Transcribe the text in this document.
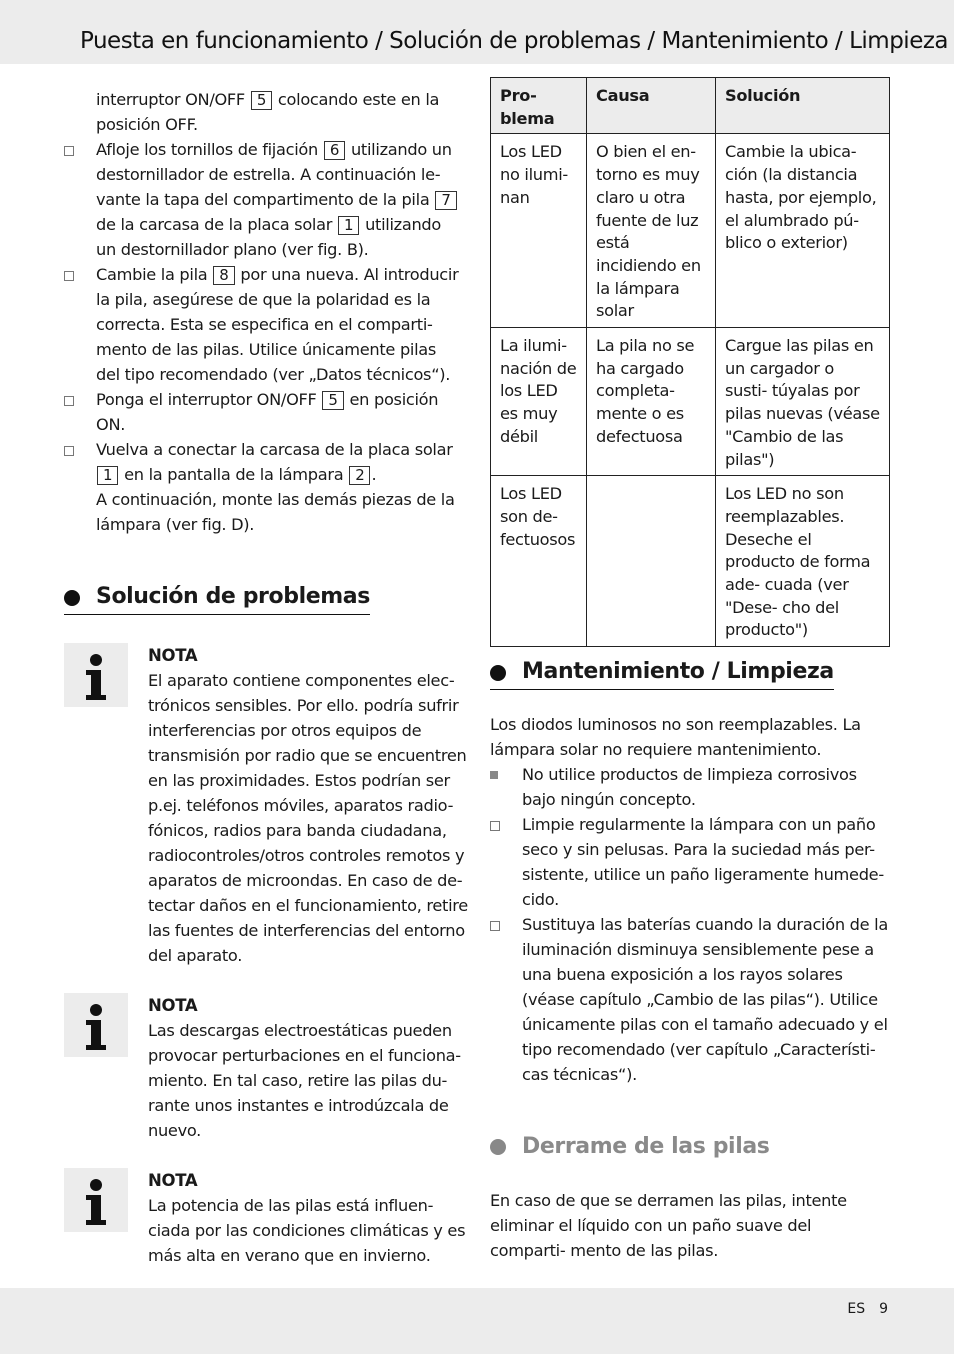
Puesta en funcionamiento / Solución de problemas / Mantenimiento / Limpieza

interruptor ON/OFF 5 colocando este en la posición OFF.

Afloje los tornillos de fijación 6 utilizando un destornillador de estrella. A continuación le- vante la tapa del compartimento de la pila 7 de la carcasa de la placa solar 1 utilizando un destornillador plano (ver fig. B).

Cambie la pila 8 por una nueva. Al introducir la pila, asegúrese de que la polaridad es la correcta. Esta se especifica en el comparti- mento de las pilas. Utilice únicamente pilas del tipo recomendado (ver „Datos técnicos“).

Ponga el interruptor ON/OFF 5 en posición ON.

Vuelva a conectar la carcasa de la placa solar 1 en la pantalla de la lámpara 2 .
A continuación, monte las demás piezas de la lámpara (ver fig. D).

Solución de problemas
NOTA
El aparato contiene componentes elec- trónicos sensibles. Por ello. podría sufrir interferencias por otros equipos de transmisión por radio que se encuentren en las proximidades. Estos podrían ser p.ej. teléfonos móviles, aparatos radio- fónicos, radios para banda ciudadana, radiocontroles/otros controles remotos y aparatos de microondas. En caso de de- tectar daños en el funcionamiento, retire las fuentes de interferencias del entorno del aparato.
NOTA
Las descargas electroestáticas pueden provocar perturbaciones en el funciona- miento. En tal caso, retire las pilas du- rante unos instantes e introdúzcala de nuevo.
NOTA
La potencia de las pilas está influen- ciada por las condiciones climáticas y es más alta en verano que en invierno.
Pro- blema	Causa	Solución
Los LED no ilumi- nan	O bien el en- torno es muy claro u otra fuente de luz está incidiendo en la lámpara solar	Cambie la ubica- ción (la distancia hasta, por ejemplo, el alumbrado pú- blico o exterior)
La ilumi- nación de los LED es muy débil	La pila no se ha cargado completa- mente o es defectuosa	Cargue las pilas en un cargador o susti- túyalas por pilas nuevas (véase "Cambio de las pilas")
Los LED son de- fectuosos		Los LED no son reemplazables. Deseche el producto de forma ade- cuada (ver "Dese- cho del producto")
Mantenimiento / Limpieza

Los diodos luminosos no son reemplazables. La lámpara solar no requiere mantenimiento.

No utilice productos de limpieza corrosivos bajo ningún concepto.

Limpie regularmente la lámpara con un paño seco y sin pelusas. Para la suciedad más per- sistente, utilice un paño ligeramente humede- cido.

Sustituya las baterías cuando la duración de la iluminación disminuya sensiblemente pese a una buena exposición a los rayos solares (véase capítulo „Cambio de las pilas“). Utilice únicamente pilas con el tamaño adecuado y el tipo recomendado (ver capítulo „Característi- cas técnicas“).

Derrame de las pilas

En caso de que se derramen las pilas, intente eliminar el líquido con un paño suave del comparti- mento de las pilas.

ES 9
